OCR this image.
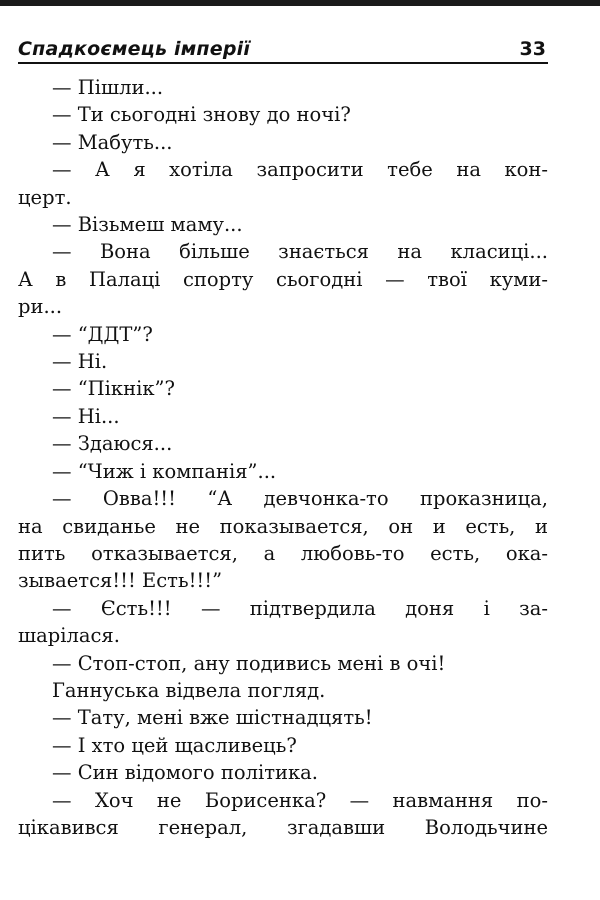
Спадкоємець імперії	33
— Пішли...
— Ти сьогодні знову до ночі?
— Мабуть...
— А я хотіла запросити тебе на кон-
церт.
— Візьмеш маму...
— Вона більше знається на класиці...
А в Палаці спорту сьогодні — твої куми-
ри...
— “ДДТ”?
— Ні.
— “Пікнік”?
— Ні...
— Здаюся...
— “Чиж і компанія”...
— Овва!!! “А девчонка-то проказница,
на свиданье не показывается, он и есть, и
пить отказывается, а любовь-то есть, ока-
зывается!!! Есть!!!”
— Єсть!!! — підтвердила доня і за-
шарілася.
— Стоп-стоп, ану подивись мені в очі!
Ганнуська відвела погляд.
— Тату, мені вже шістнадцять!
— І хто цей щасливець?
— Син відомого політика.
— Хоч не Борисенка? — навмання по-
цікавився генерал, згадавши Володьчине
